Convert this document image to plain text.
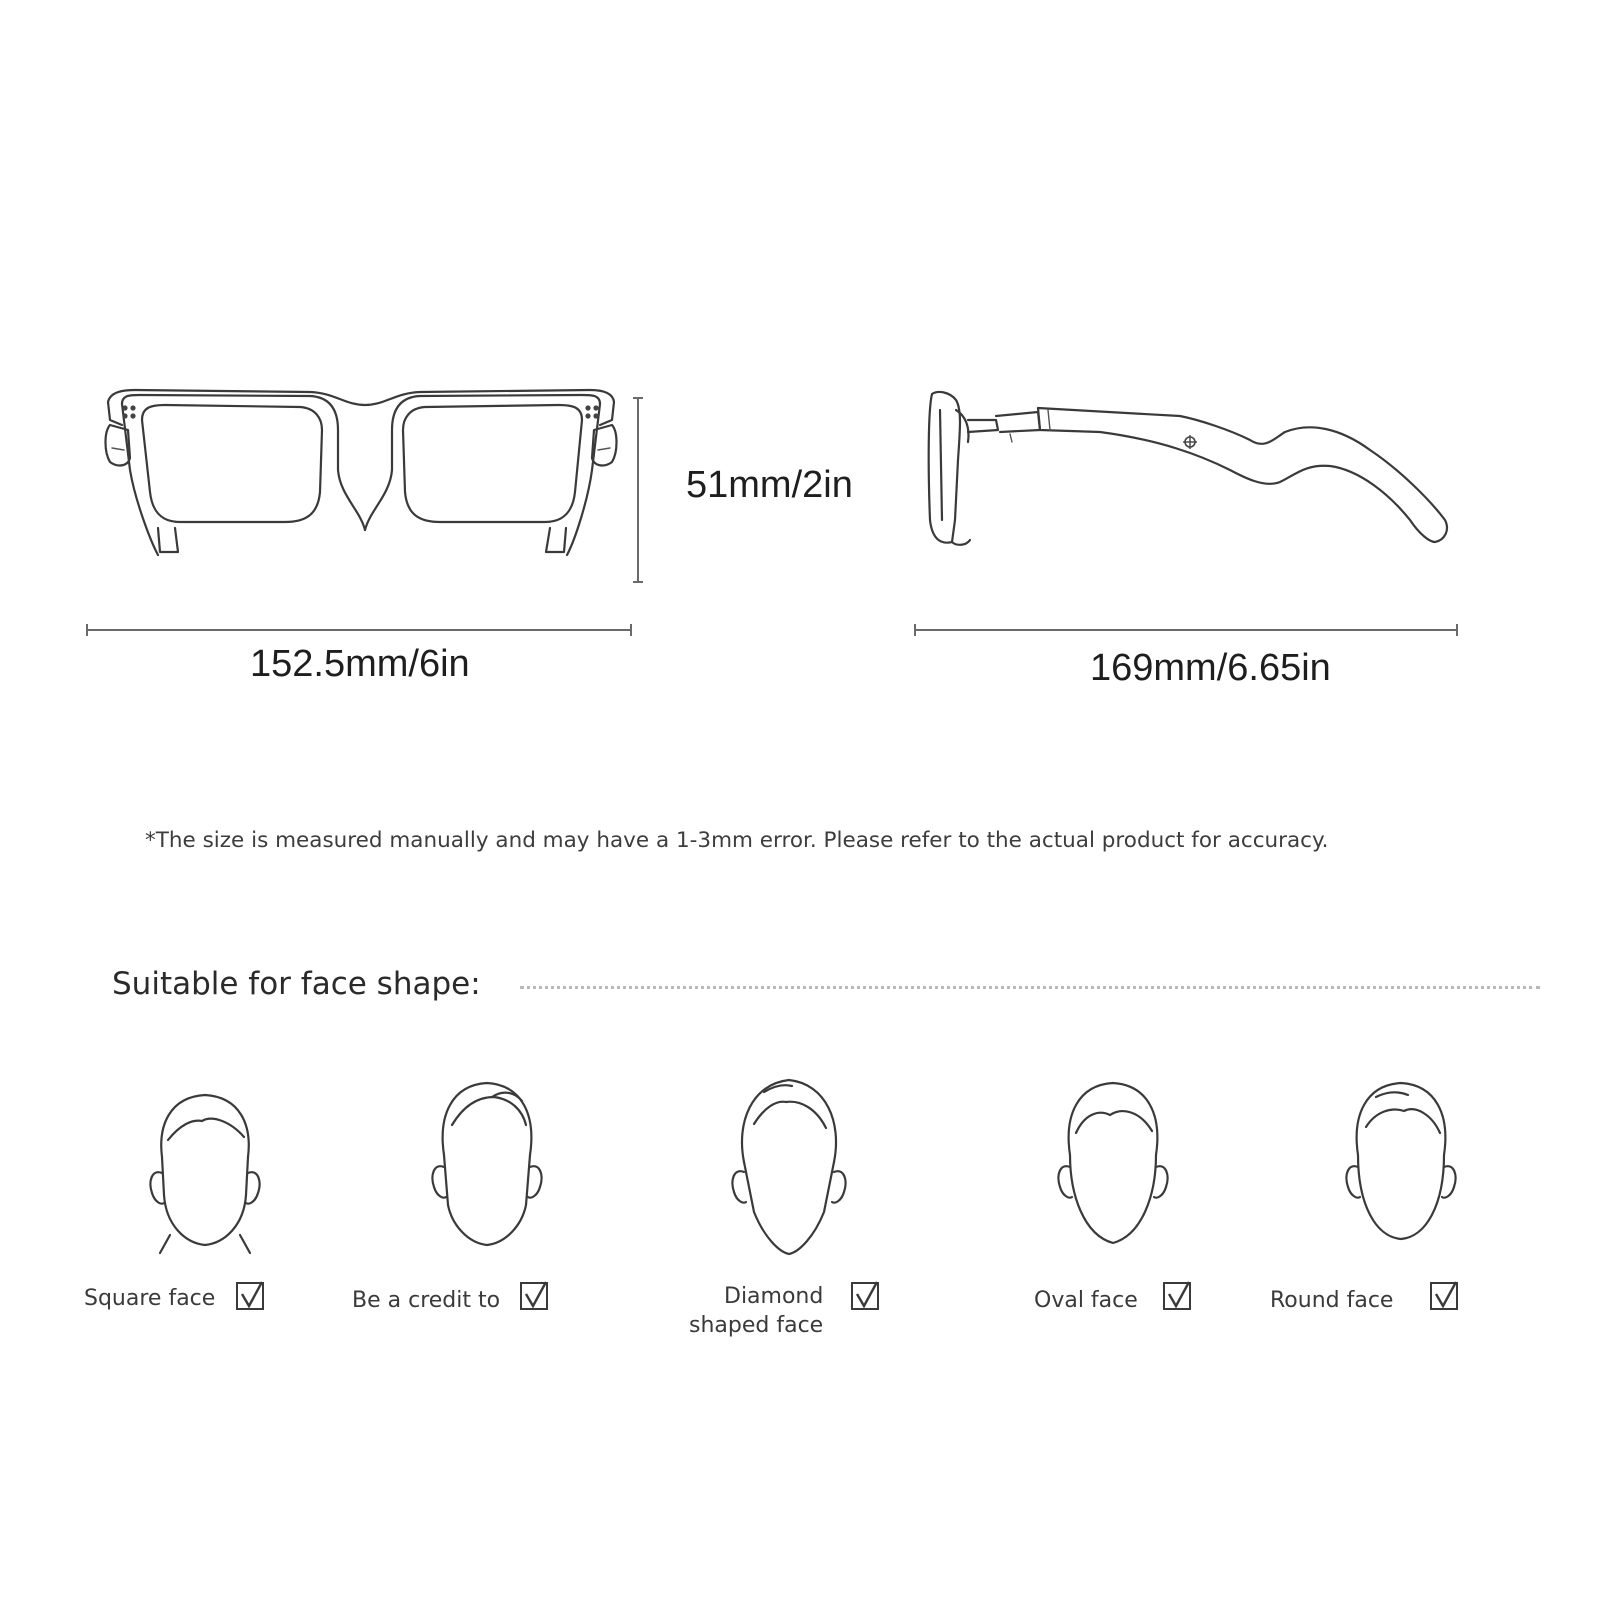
51mm/2in
152.5mm/6in	169mm/6.65in
*The size is measured manually and may have a 1-3mm error. Please refer to the actual product for accuracy.
Suitable for face shape:
Square face	Be a credit to	Diamond
shaped face
Oval face	Round face
